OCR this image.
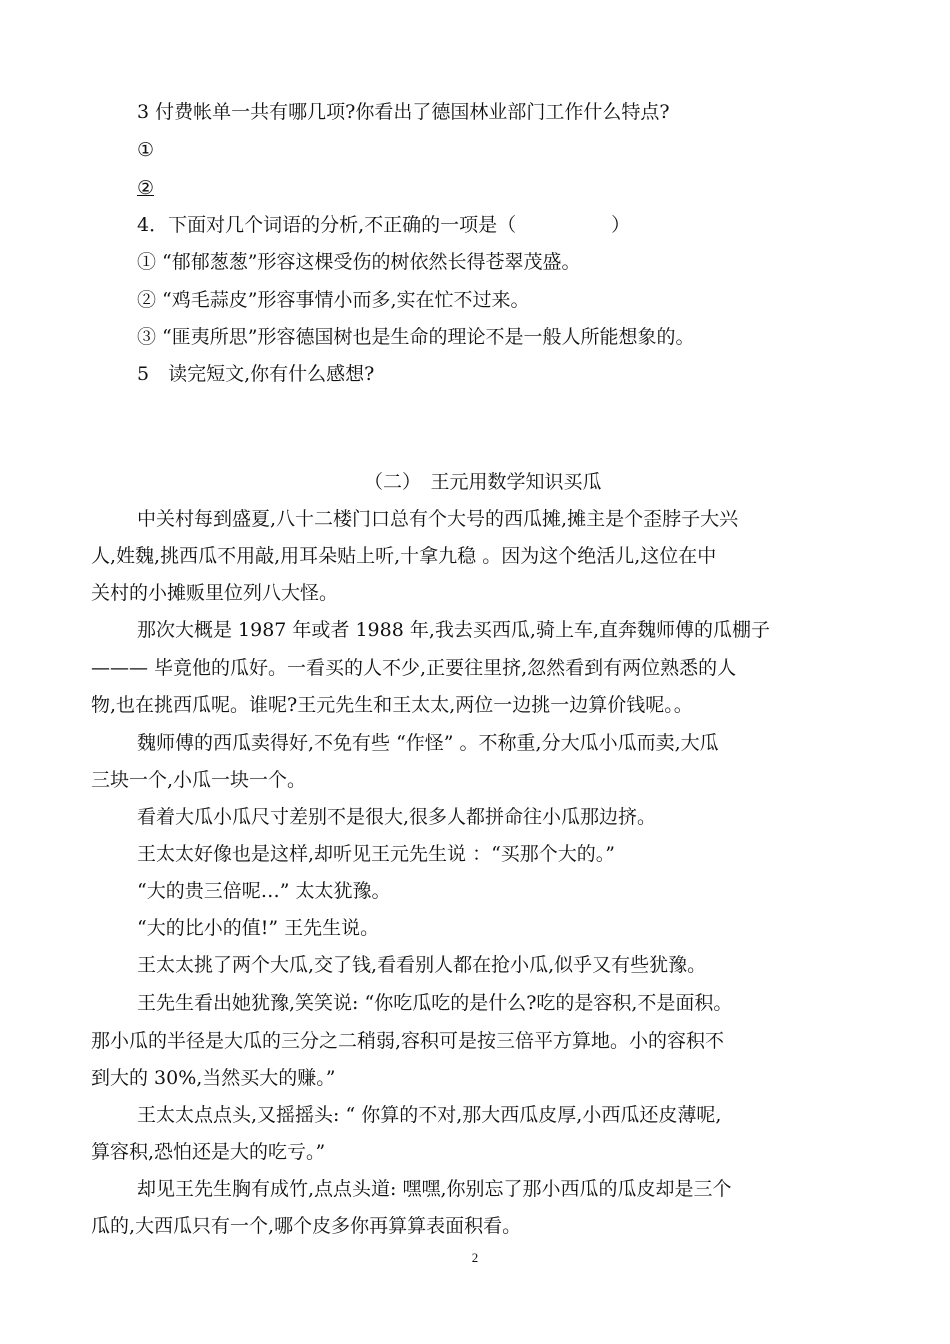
3 付费帐单一共有哪几项?你看出了德国林业部门工作什么特点?
①
②
4．下面对几个词语的分析,不正确的一项是（　　　　　）
① “郁郁葱葱”形容这棵受伤的树依然长得苍翠茂盛。
② “鸡毛蒜皮”形容事情小而多,实在忙不过来。
③ “匪夷所思”形容德国树也是生命的理论不是一般人所能想象的。
5　读完短文,你有什么感想?
（二）　王元用数学知识买瓜
中关村每到盛夏,八十二楼门口总有个大号的西瓜摊,摊主是个歪脖子大兴
人,姓魏,挑西瓜不用敲,用耳朵贴上听,十拿九稳 。因为这个绝活儿,这位在中
关村的小摊贩里位列八大怪。
那次大概是 1987 年或者 1988 年,我去买西瓜,骑上车,直奔魏师傅的瓜棚子
——— 毕竟他的瓜好。一看买的人不少,正要往里挤,忽然看到有两位熟悉的人
物,也在挑西瓜呢。谁呢?王元先生和王太太,两位一边挑一边算价钱呢。。
魏师傅的西瓜卖得好,不免有些 “作怪” 。不称重,分大瓜小瓜而卖,大瓜
三块一个,小瓜一块一个。
看着大瓜小瓜尺寸差别不是很大,很多人都拼命往小瓜那边挤。
王太太好像也是这样,却听见王元先生说 ：“买那个大的。”
“大的贵三倍呢…” 太太犹豫。
“大的比小的值!” 王先生说。
王太太挑了两个大瓜,交了钱,看看别人都在抢小瓜,似乎又有些犹豫。
王先生看出她犹豫,笑笑说: “你吃瓜吃的是什么?吃的是容积,不是面积。
那小瓜的半径是大瓜的三分之二稍弱,容积可是按三倍平方算地。小的容积不
到大的 30%,当然买大的赚。”
王太太点点头,又摇摇头: “ 你算的不对,那大西瓜皮厚,小西瓜还皮薄呢,
算容积,恐怕还是大的吃亏。”
却见王先生胸有成竹,点点头道: 嘿嘿,你别忘了那小西瓜的瓜皮却是三个
瓜的,大西瓜只有一个,哪个皮多你再算算表面积看。
2
